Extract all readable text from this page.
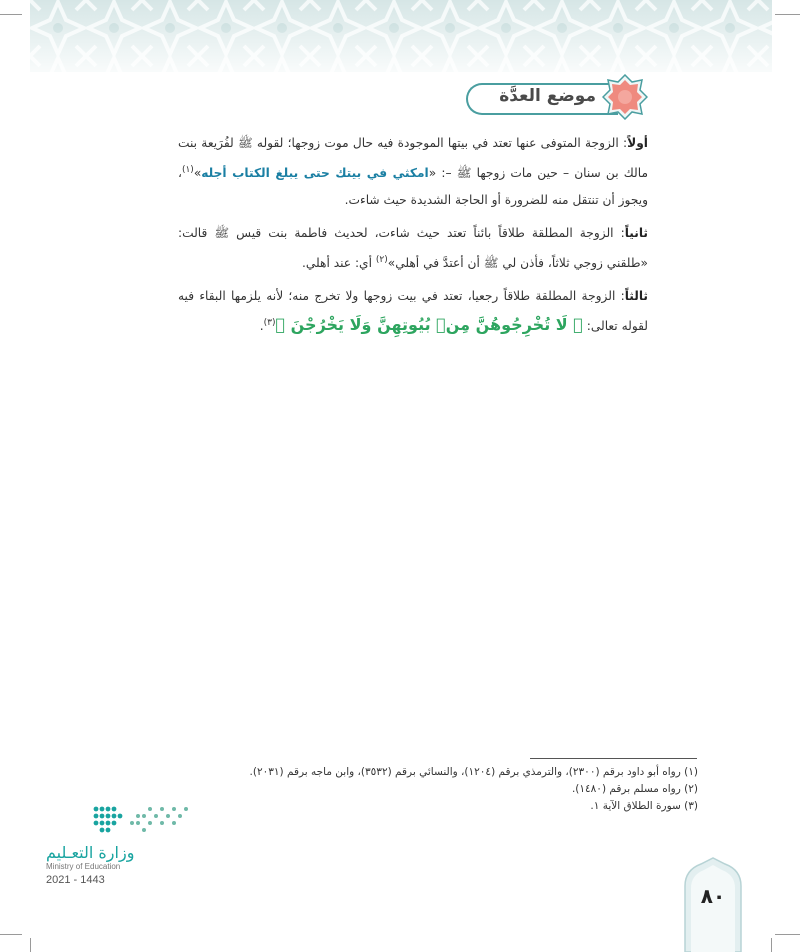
موضع العدَّة

أولاً: الزوجة المتوفى عنها تعتد في بيتها الموجودة فيه حال موت زوجها؛ لقوله ﷺ لفُرَيعة بنت مالك بن سنان – حين مات زوجها ﷺ –: «امكثي في بيتك حتى يبلغ الكتاب أجله»$^{(١)}$، ويجوز أن تنتقل منه للضرورة أو الحاجة الشديدة حيث شاءت.

ثانياً: الزوجة المطلقة طلاقاً بائناً تعتد حيث شاءت، لحديث فاطمة بنت قيس ﷺ قالت: «طلقني زوجي ثلاثاً، فأذن لي ﷺ أن أعتدَّ في أهلي»$^{(٢)}$ أي: عند أهلي.

ثالثاً: الزوجة المطلقة طلاقاً رجعيا، تعتد في بيت زوجها ولا تخرج منه؛ لأنه يلزمها البقاء فيه لقوله تعالى: ﴿ لَا تُخْرِجُوهُنَّ مِنۢ بُيُوتِهِنَّ وَلَا يَخْرُجْنَ ﴾$^{(٣)}$.

(١) رواه أبو داود برقم (٢٣٠٠)، والترمذي برقم (١٢٠٤)، والنسائي برقم (٣٥٣٢)، وابن ماجه برقم (٢٠٣١).
(٢) رواه مسلم برقم (١٤٨٠).
(٣) سورة الطلاق الآية ١.
وزارة التعـليم
Ministry of Education
2021 - 1443
٨٠
